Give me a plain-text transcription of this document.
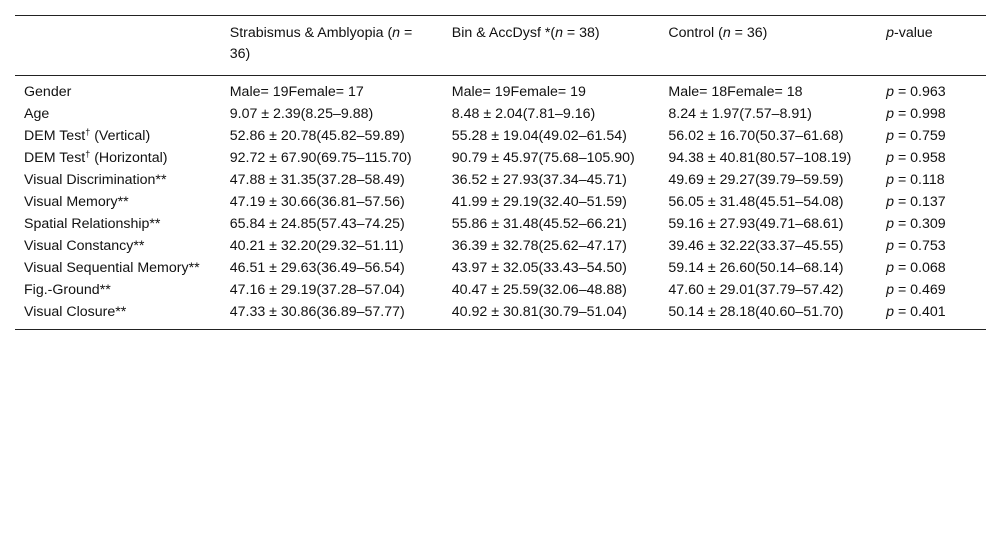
	Strabismus & Amblyopia (n = 36)	Bin & AccDysf *(n = 38)	Control (n = 36)	p-value
Gender	Male= 19Female= 17	Male= 19Female= 19	Male= 18Female= 18	p = 0.963
Age	9.07 ± 2.39(8.25–9.88)	8.48 ± 2.04(7.81–9.16)	8.24 ± 1.97(7.57–8.91)	p = 0.998
DEM Test† (Vertical)	52.86 ± 20.78(45.82–59.89)	55.28 ± 19.04(49.02–61.54)	56.02 ± 16.70(50.37–61.68)	p = 0.759
DEM Test† (Horizontal)	92.72 ± 67.90(69.75–115.70)	90.79 ± 45.97(75.68–105.90)	94.38 ± 40.81(80.57–108.19)	p = 0.958
Visual Discrimination**	47.88 ± 31.35(37.28–58.49)	36.52 ± 27.93(37.34–45.71)	49.69 ± 29.27(39.79–59.59)	p = 0.118
Visual Memory**	47.19 ± 30.66(36.81–57.56)	41.99 ± 29.19(32.40–51.59)	56.05 ± 31.48(45.51–54.08)	p = 0.137
Spatial Relationship**	65.84 ± 24.85(57.43–74.25)	55.86 ± 31.48(45.52–66.21)	59.16 ± 27.93(49.71–68.61)	p = 0.309
Visual Constancy**	40.21 ± 32.20(29.32–51.11)	36.39 ± 32.78(25.62–47.17)	39.46 ± 32.22(33.37–45.55)	p = 0.753
Visual Sequential Memory**	46.51 ± 29.63(36.49–56.54)	43.97 ± 32.05(33.43–54.50)	59.14 ± 26.60(50.14–68.14)	p = 0.068
Fig.-Ground**	47.16 ± 29.19(37.28–57.04)	40.47 ± 25.59(32.06–48.88)	47.60 ± 29.01(37.79–57.42)	p = 0.469
Visual Closure**	47.33 ± 30.86(36.89–57.77)	40.92 ± 30.81(30.79–51.04)	50.14 ± 28.18(40.60–51.70)	p = 0.401
